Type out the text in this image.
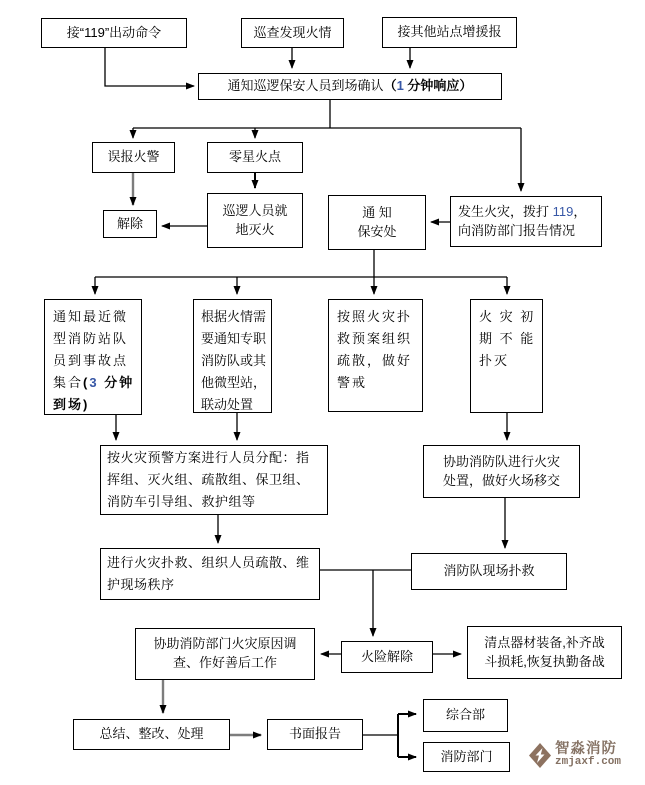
接“119”出动命令	巡查发现火情	接其他站点增援报
通知巡逻保安人员到场确认（1 分钟响应）
误报火警	零星火点
解除
巡逻人员就
地灭火
通 知
保安处
发生火灾，拨打 119，
向消防部门报告情况
通知最近微
型消防站队
员到事故点
集合(3 分钟
到场)
根据火情需
要通知专职
消防队或其
他微型站，
联动处置
按照火灾扑
救预案组织
疏散，做好
警戒
火 灾 初
期 不 能
扑灭
按火灾预警方案进行人员分配：指
挥组、灭火组、疏散组、保卫组、
消防车引导组、救护组等
协助消防队进行火灾
处置，做好火场移交
进行火灾扑救、组织人员疏散、维
护现场秩序
消防队现场扑救
协助消防部门火灾原因调
查、作好善后工作	火险解除
清点器材装备,补齐战
斗损耗,恢复执勤备战
总结、整改、处理	书面报告
综合部
消防部门	智淼消防
zmjaxf.com
